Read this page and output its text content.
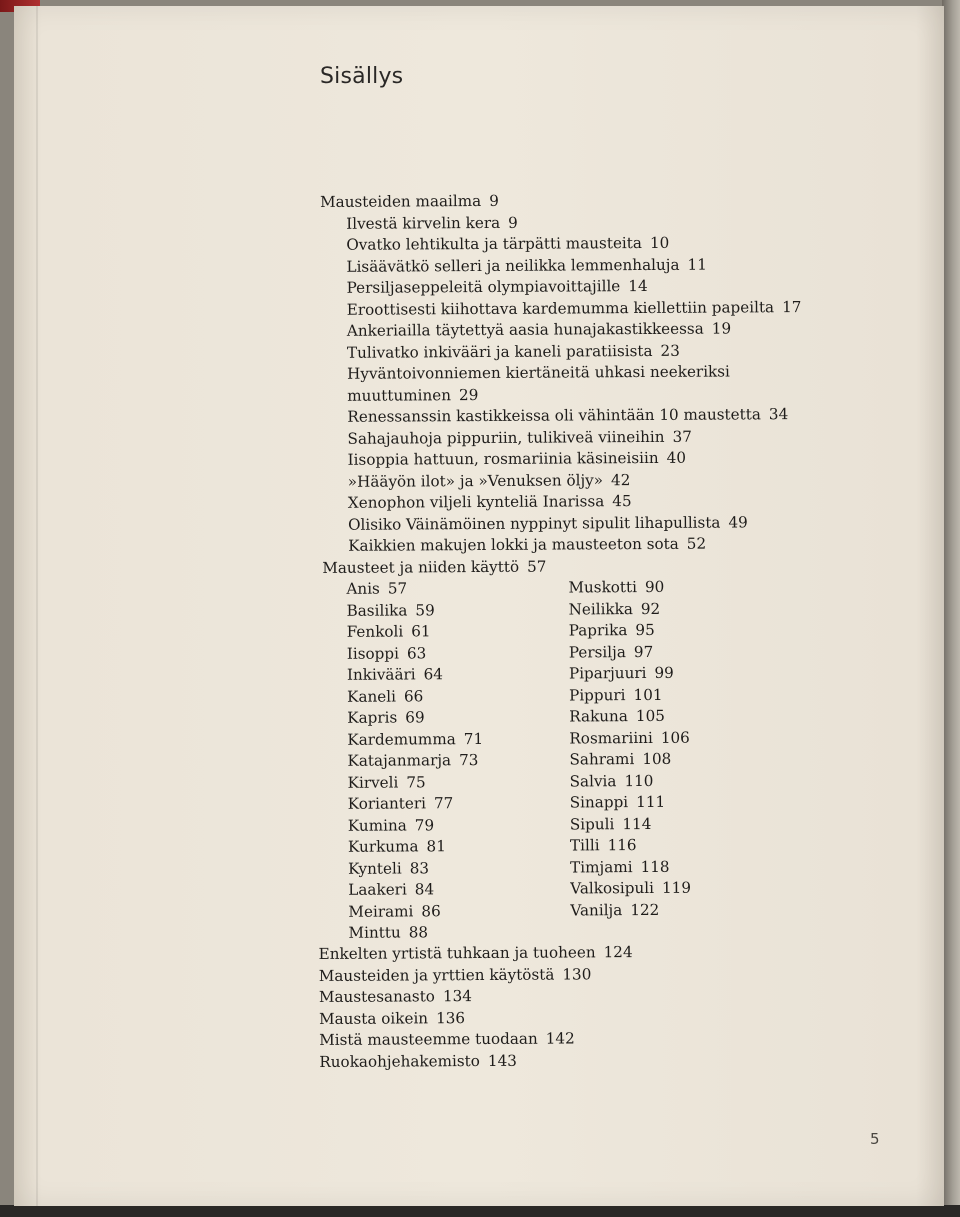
Sisällys
Mausteiden maailma 9
Ilvestä kirvelin kera 9
Ovatko lehtikulta ja tärpätti mausteita 10
Lisäävätkö selleri ja neilikka lemmenhaluja 11
Persiljaseppeleitä olympiavoittajille 14
Eroottisesti kiihottava kardemumma kiellettiin papeilta 17
Ankeriailla täytettyä aasia hunajakastikkeessa 19
Tulivatko inkivääri ja kaneli paratiisista 23
Hyväntoivonniemen kiertäneitä uhkasi neekeriksi
muuttuminen 29
Renessanssin kastikkeissa oli vähintään 10 maustetta 34
Sahajauhoja pippuriin, tulikiveä viineihin 37
Iisoppia hattuun, rosmariinia käsineisiin 40
»Hääyön ilot» ja »Venuksen öljy» 42
Xenophon viljeli kynteliä Inarissa 45
Olisiko Väinämöinen nyppinyt sipulit lihapullista 49
Kaikkien makujen lokki ja mausteeton sota 52
Mausteet ja niiden käyttö 57
Anis 57
Basilika 59
Fenkoli 61
Iisoppi 63
Inkivääri 64
Kaneli 66
Kapris 69
Kardemumma 71
Katajanmarja 73
Kirveli 75
Korianteri 77
Kumina 79
Kurkuma 81
Kynteli 83
Laakeri 84
Meirami 86
Minttu 88
Muskotti 90
Neilikka 92
Paprika 95
Persilja 97
Piparjuuri 99
Pippuri 101
Rakuna 105
Rosmariini 106
Sahrami 108
Salvia 110
Sinappi 111
Sipuli 114
Tilli 116
Timjami 118
Valkosipuli 119
Vanilja 122
Enkelten yrtistä tuhkaan ja tuoheen 124
Mausteiden ja yrttien käytöstä 130
Maustesanasto 134
Mausta oikein 136
Mistä mausteemme tuodaan 142
Ruokaohjehakemisto 143
5
